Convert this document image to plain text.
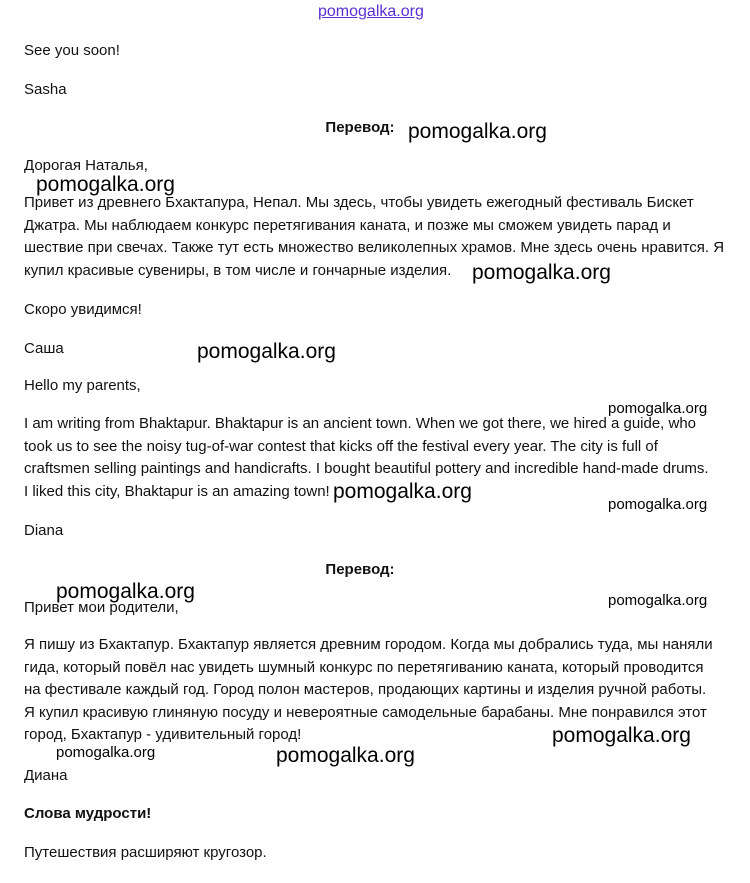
pomogalka.org

See you soon!

Sasha

Перевод:

Дорогая Наталья,

Привет из древнего Бхактапура, Непал. Мы здесь, чтобы увидеть ежегодный фестиваль Бискет
Джатра. Мы наблюдаем конкурс перетягивания каната, и позже мы сможем увидеть парад и
шествие при свечах. Также тут есть множество великолепных храмов. Мне здесь очень нравится. Я
купил красивые сувениры, в том числе и гончарные изделия.

Скоро увидимся!

Саша

Hello my parents,

I am writing from Bhaktapur. Bhaktapur is an ancient town. When we got there, we hired a guide, who
took us to see the noisy tug-of-war contest that kicks off the festival every year. The city is full of
craftsmen selling paintings and handicrafts. I bought beautiful pottery and incredible hand-made drums.
I liked this city, Bhaktapur is an amazing town!

Diana

Перевод:

Привет мои родители,

Я пишу из Бхактапур. Бхактапур является древним городом. Когда мы добрались туда, мы наняли
гида, который повёл нас увидеть шумный конкурс по перетягиванию каната, который проводится
на фестивале каждый год. Город полон мастеров, продающих картины и изделия ручной работы.
Я купил красивую глиняную посуду и невероятные самодельные барабаны. Мне понравился этот
город, Бхактапур - удивительный город!

Диана

Слова мудрости!

Путешествия расширяют кругозор.

pomogalka.org
pomogalka.org
pomogalka.org
pomogalka.org
pomogalka.org
pomogalka.org
pomogalka.org
pomogalka.org	pomogalka.org
pomogalka.org
pomogalka.org	pomogalka.org
